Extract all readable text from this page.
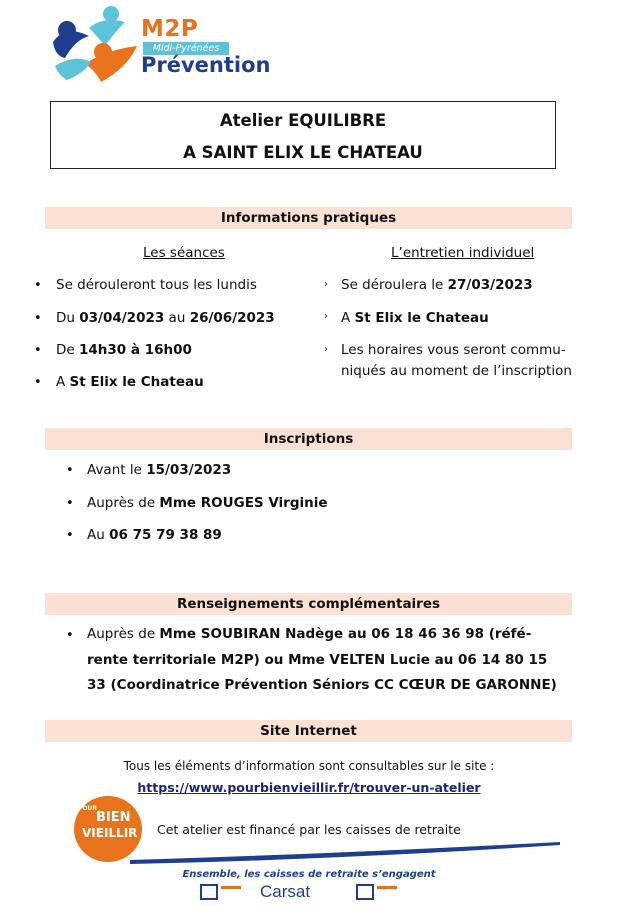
M2P
Midi-Pyrénées
Prévention
Atelier EQUILIBRE
A SAINT ELIX LE CHATEAU
Informations pratiques
Les séances	L’entretien individuel
• Se dérouleront tous les lundis
• Du 03/04/2023 au 26/06/2023
• De 14h30 à 16h00
• A St Elix le Chateau
› Se déroulera le 27/03/2023
› A St Elix le Chateau
› Les horaires vous seront commu-
niqués au moment de l’inscription
Inscriptions
• Avant le 15/03/2023
• Auprès de Mme ROUGES Virginie
• Au 06 75 79 38 89
Renseignements complémentaires
• Auprès de Mme SOUBIRAN Nadège au 06 18 46 36 98 (réfé-
rente territoriale M2P) ou Mme VELTEN Lucie au 06 14 80 15
33 (Coordinatrice Prévention Séniors CC CŒUR DE GARONNE)
Site Internet
Tous les éléments d’information sont consultables sur le site :
https://www.pourbienvieillir.fr/trouver-un-atelier
POUR
BIEN
VIEILLIR Cet atelier est financé par les caisses de retraite
Ensemble, les caisses de retraite s’engagent
Carsat
